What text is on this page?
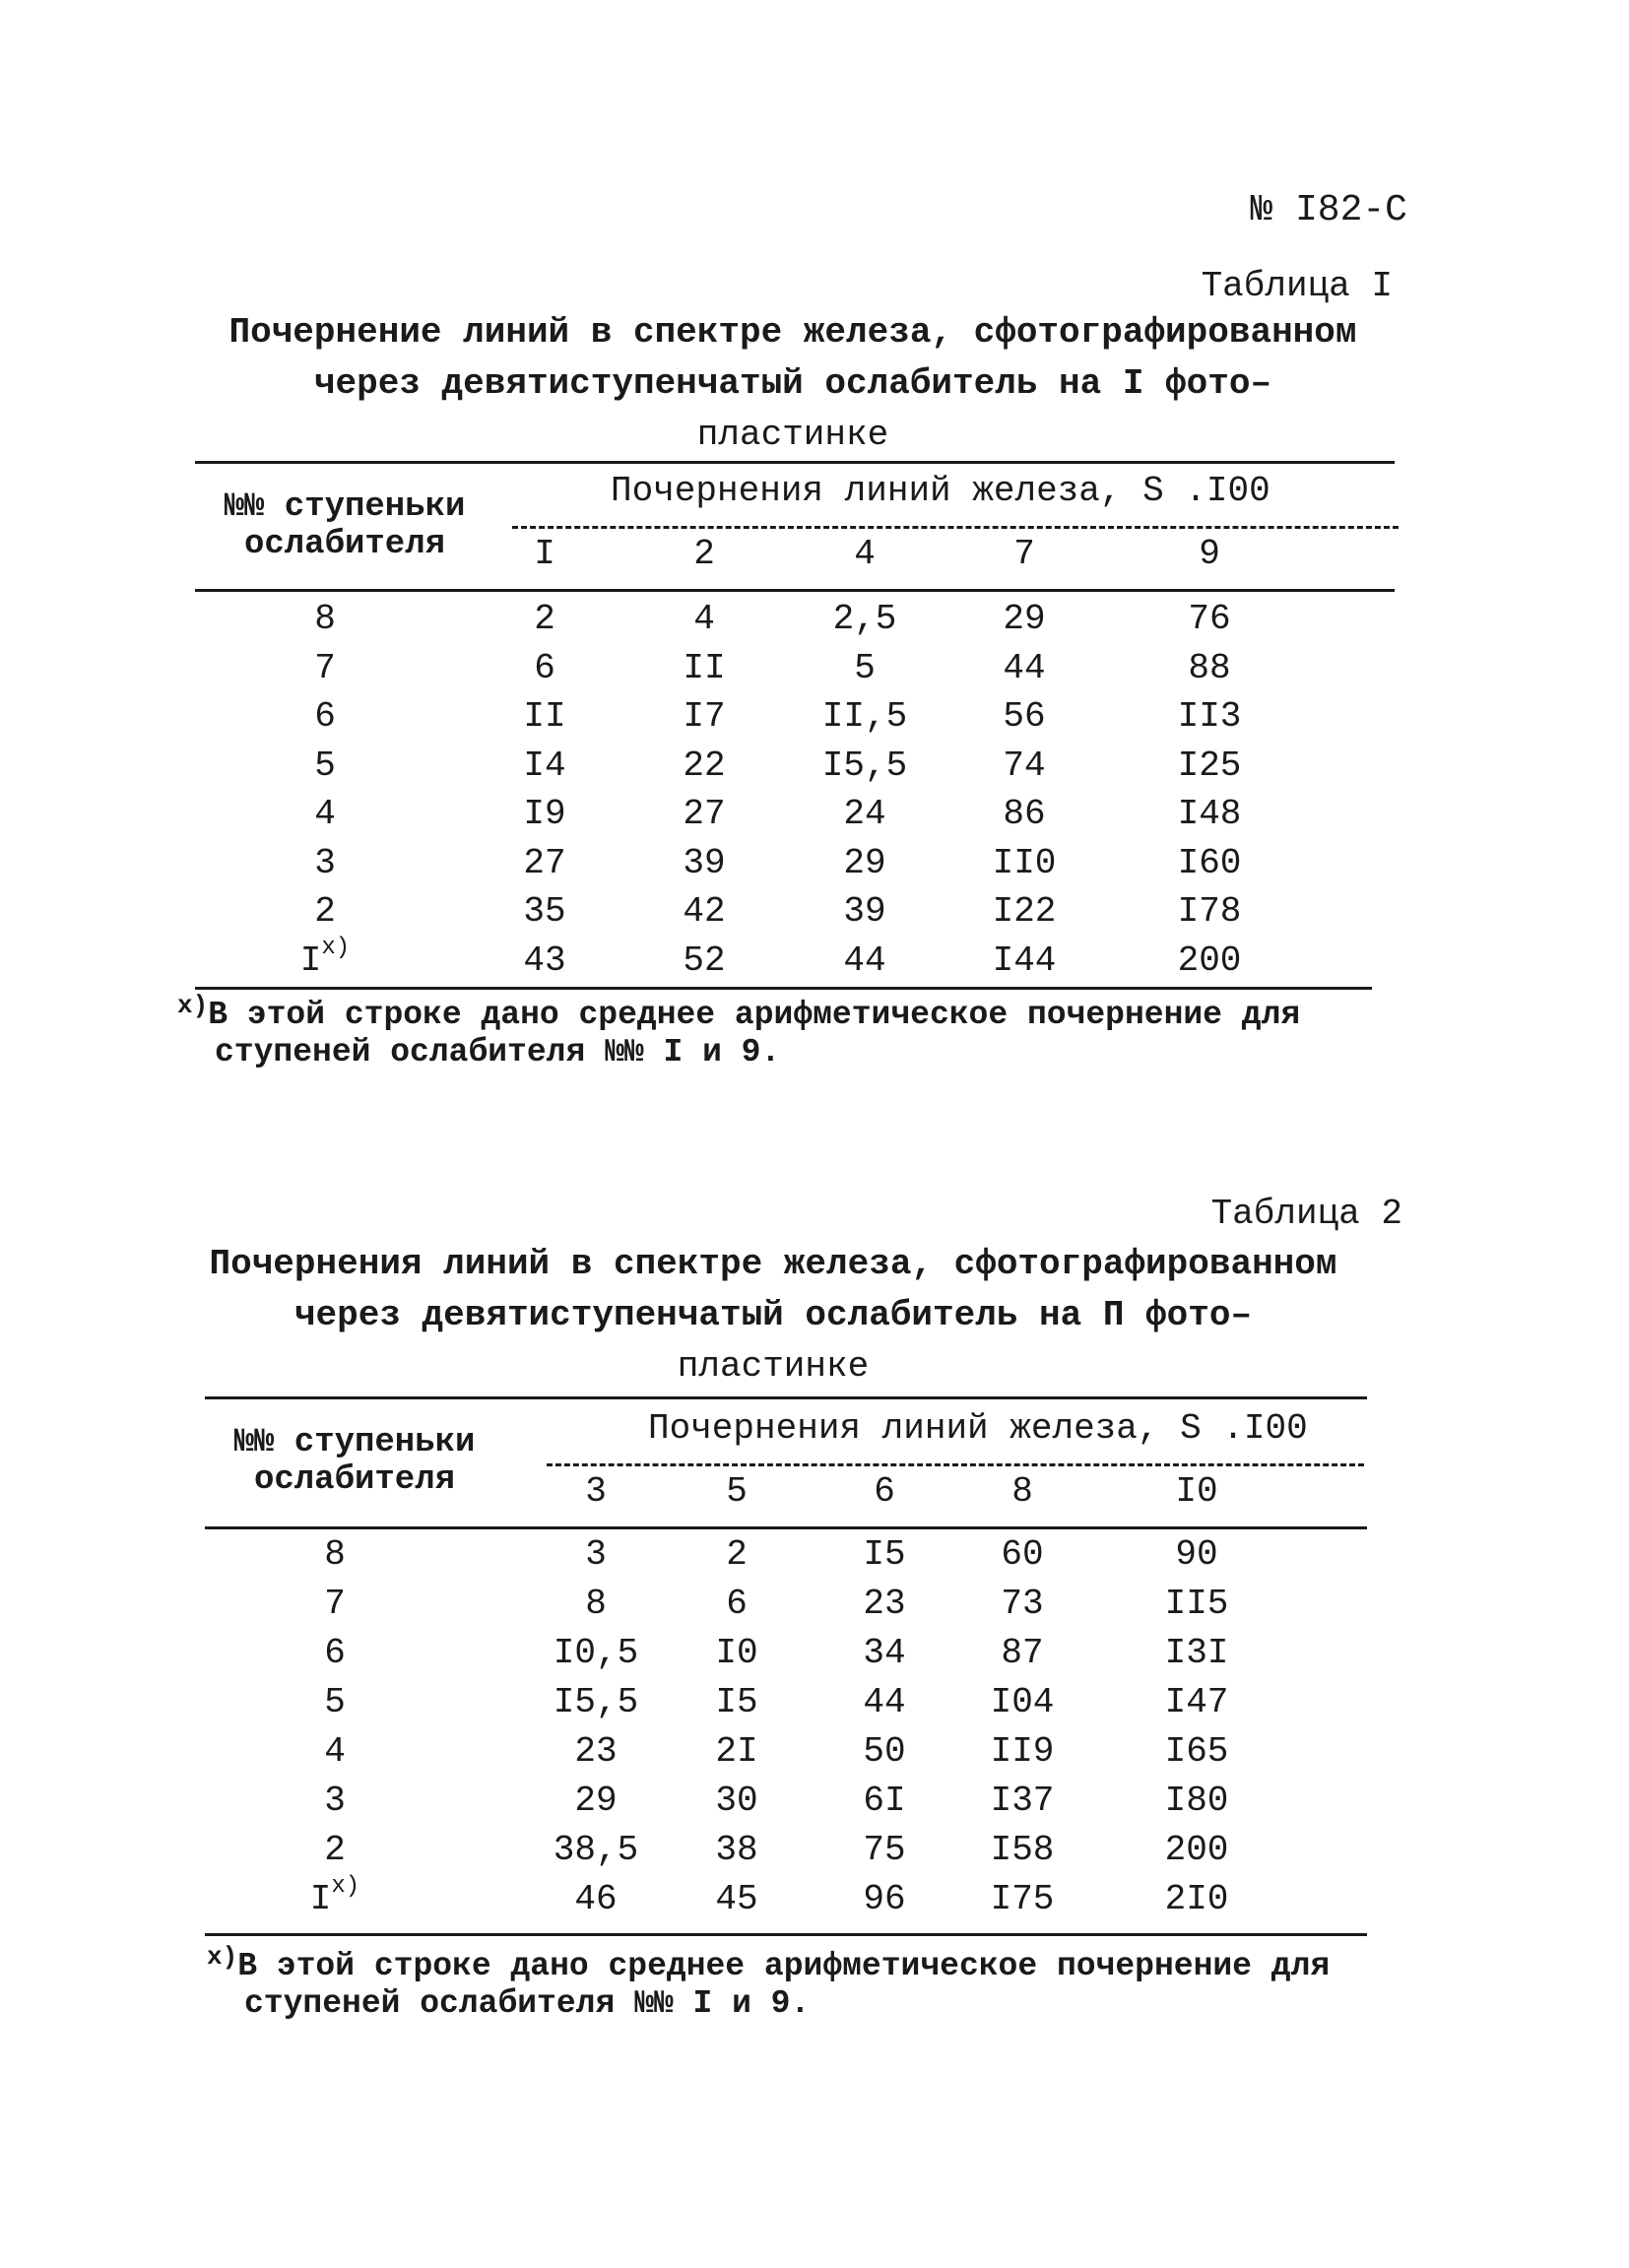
№ I82-С
Таблица I
Почернение линий в спектре железа, сфотографированном
через девятиступенчатый ослабитель на I фото–
пластинке
№№ ступеньки ослабителя
Почернения линий железа, S .I00
I	2	4	7	9
8	2	4	2,5	29	76
7	6	II	5	44	88
6	II	I7	II,5	56	II3
5	I4	22	I5,5	74	I25
4	I9	27	24	86	I48
3	27	39	29	II0	I60
2	35	42	39	I22	I78
$I^{x)}$	43	52	44	I44	200
$^{x)}$В этой строке дано среднее арифметическое почернение для
ступеней ослабителя №№ I и 9.
Таблица 2
Почернения линий в спектре железа, сфотографированном
через девятиступенчатый ослабитель на П фото–
пластинке
№№ ступеньки ослабителя
Почернения линий железа, S .I00
3	5	6	8	I0
8	3	2	I5	60	90
7	8	6	23	73	II5
6	I0,5	I0	34	87	I3I
5	I5,5	I5	44	I04	I47
4	23	2I	50	II9	I65
3	29	30	6I	I37	I80
2	38,5	38	75	I58	200
$I^{x)}$	46	45	96	I75	2I0
$^{x)}$В этой строке дано среднее арифметическое почернение для
ступеней ослабителя №№ I и 9.
